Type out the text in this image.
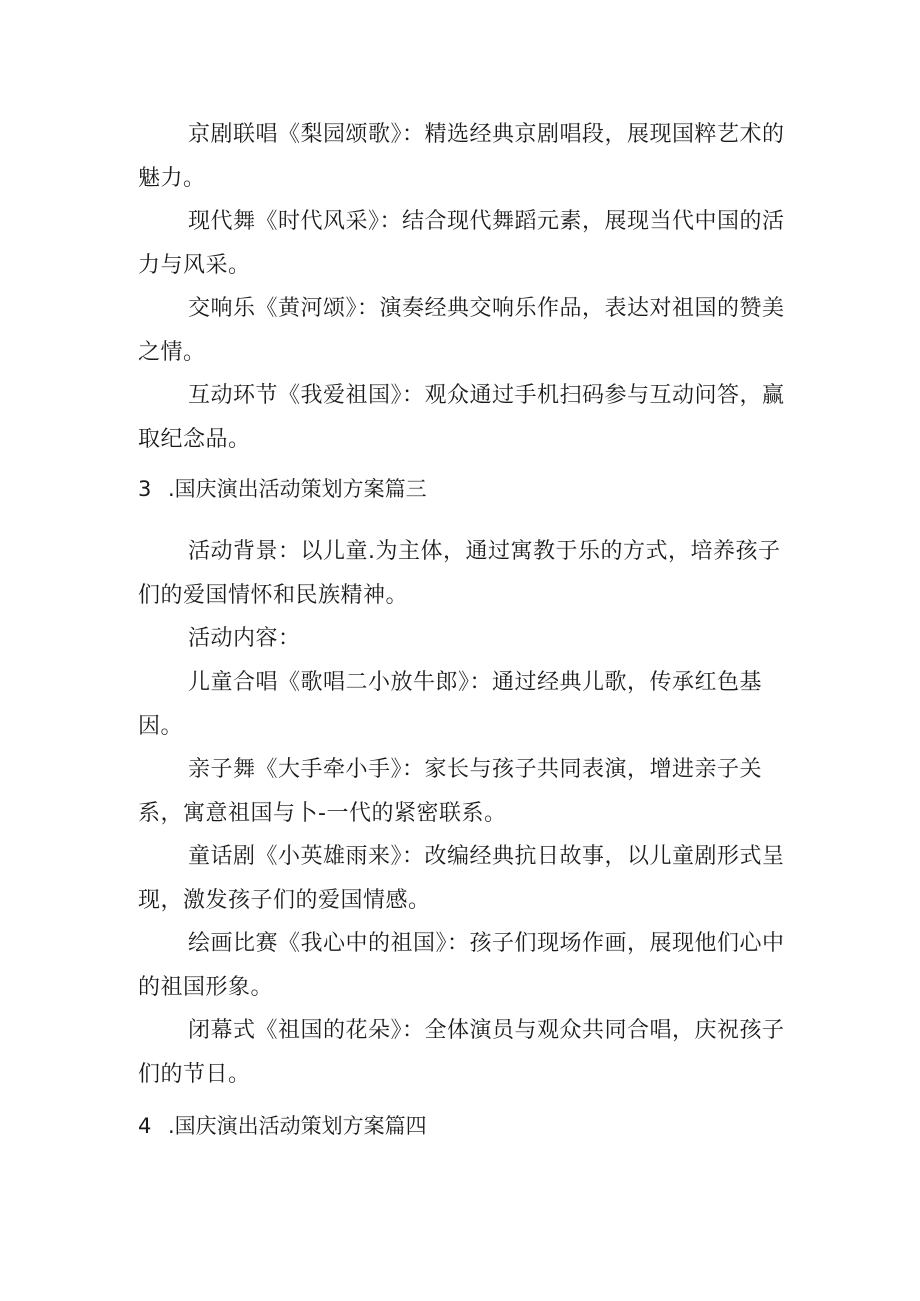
京剧联唱《梨园颂歌》：精选经典京剧唱段，展现国粹艺术的魅力。

现代舞《时代风采》：结合现代舞蹈元素，展现当代中国的活力与风采。

交响乐《黄河颂》：演奏经典交响乐作品，表达对祖国的赞美之情。

互动环节《我爱祖国》：观众通过手机扫码参与互动问答，赢取纪念品。

3 .国庆演出活动策划方案篇三

活动背景：以儿童.为主体，通过寓教于乐的方式，培养孩子们的爱国情怀和民族精神。

活动内容：

儿童合唱《歌唱二小放牛郎》：通过经典儿歌，传承红色基因。

亲子舞《大手牵小手》：家长与孩子共同表演，增进亲子关系，寓意祖国与卜-一代的紧密联系。

童话剧《小英雄雨来》：改编经典抗日故事，以儿童剧形式呈现，激发孩子们的爱国情感。

绘画比赛《我心中的祖国》：孩子们现场作画，展现他们心中的祖国形象。

闭幕式《祖国的花朵》：全体演员与观众共同合唱，庆祝孩子们的节日。

4 .国庆演出活动策划方案篇四
